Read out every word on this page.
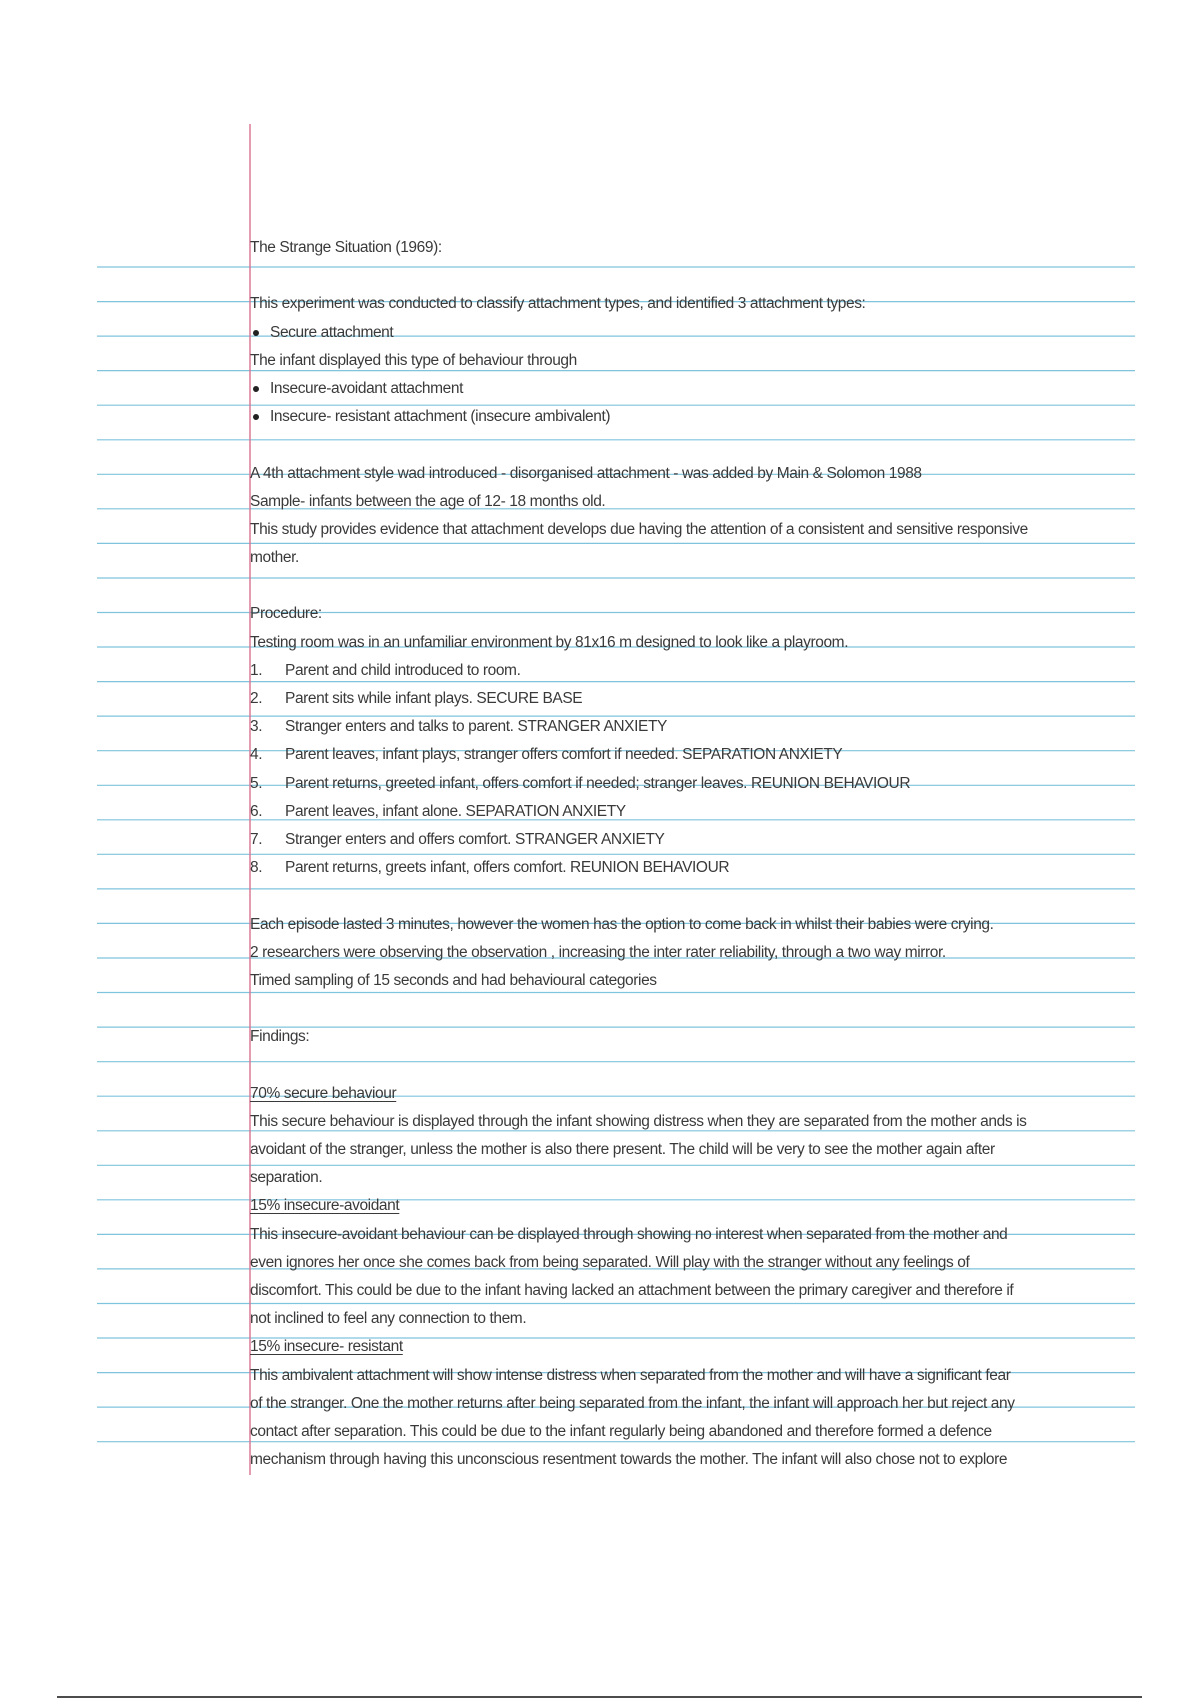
The Strange Situation (1969):
This experiment was conducted to classify attachment types, and identified 3 attachment types:
Secure attachment
The infant displayed this type of behaviour through
Insecure-avoidant attachment
Insecure- resistant attachment (insecure ambivalent)
A 4th attachment style wad introduced - disorganised attachment - was added by Main & Solomon 1988
Sample- infants between the age of 12- 18 months old.
This study provides evidence that attachment develops due having the attention of a consistent and sensitive responsive
mother.
Procedure:
Testing room was in an unfamiliar environment by 81x16 m designed to look like a playroom.
1.	Parent and child introduced to room.
2.	Parent sits while infant plays. SECURE BASE
3.	Stranger enters and talks to parent. STRANGER ANXIETY
4.	Parent leaves, infant plays, stranger offers comfort if needed. SEPARATION ANXIETY
5.	Parent returns, greeted infant, offers comfort if needed; stranger leaves. REUNION BEHAVIOUR
6.	Parent leaves, infant alone. SEPARATION ANXIETY
7.	Stranger enters and offers comfort. STRANGER ANXIETY
8.	Parent returns, greets infant, offers comfort. REUNION BEHAVIOUR
Each episode lasted 3 minutes, however the women has the option to come back in whilst their babies were crying.
2 researchers were observing the observation , increasing the inter rater reliability, through a two way mirror.
Timed sampling of 15 seconds and had behavioural categories
Findings:
70% secure behaviour
This secure behaviour is displayed through the infant showing distress when they are separated from the mother ands is
avoidant of the stranger, unless the mother is also there present. The child will be very to see the mother again after
separation.
15% insecure-avoidant
This insecure-avoidant behaviour can be displayed through showing no interest when separated from the mother and
even ignores her once she comes back from being separated. Will play with the stranger without any feelings of
discomfort. This could be due to the infant having lacked an attachment between the primary caregiver and therefore if
not inclined to feel any connection to them.
15% insecure- resistant
This ambivalent attachment will show intense distress when separated from the mother and will have a significant fear
of the stranger. One the mother returns after being separated from the infant, the infant will approach her but reject any
contact after separation. This could be due to the infant regularly being abandoned and therefore formed a defence
mechanism through having this unconscious resentment towards the mother. The infant will also chose not to explore
